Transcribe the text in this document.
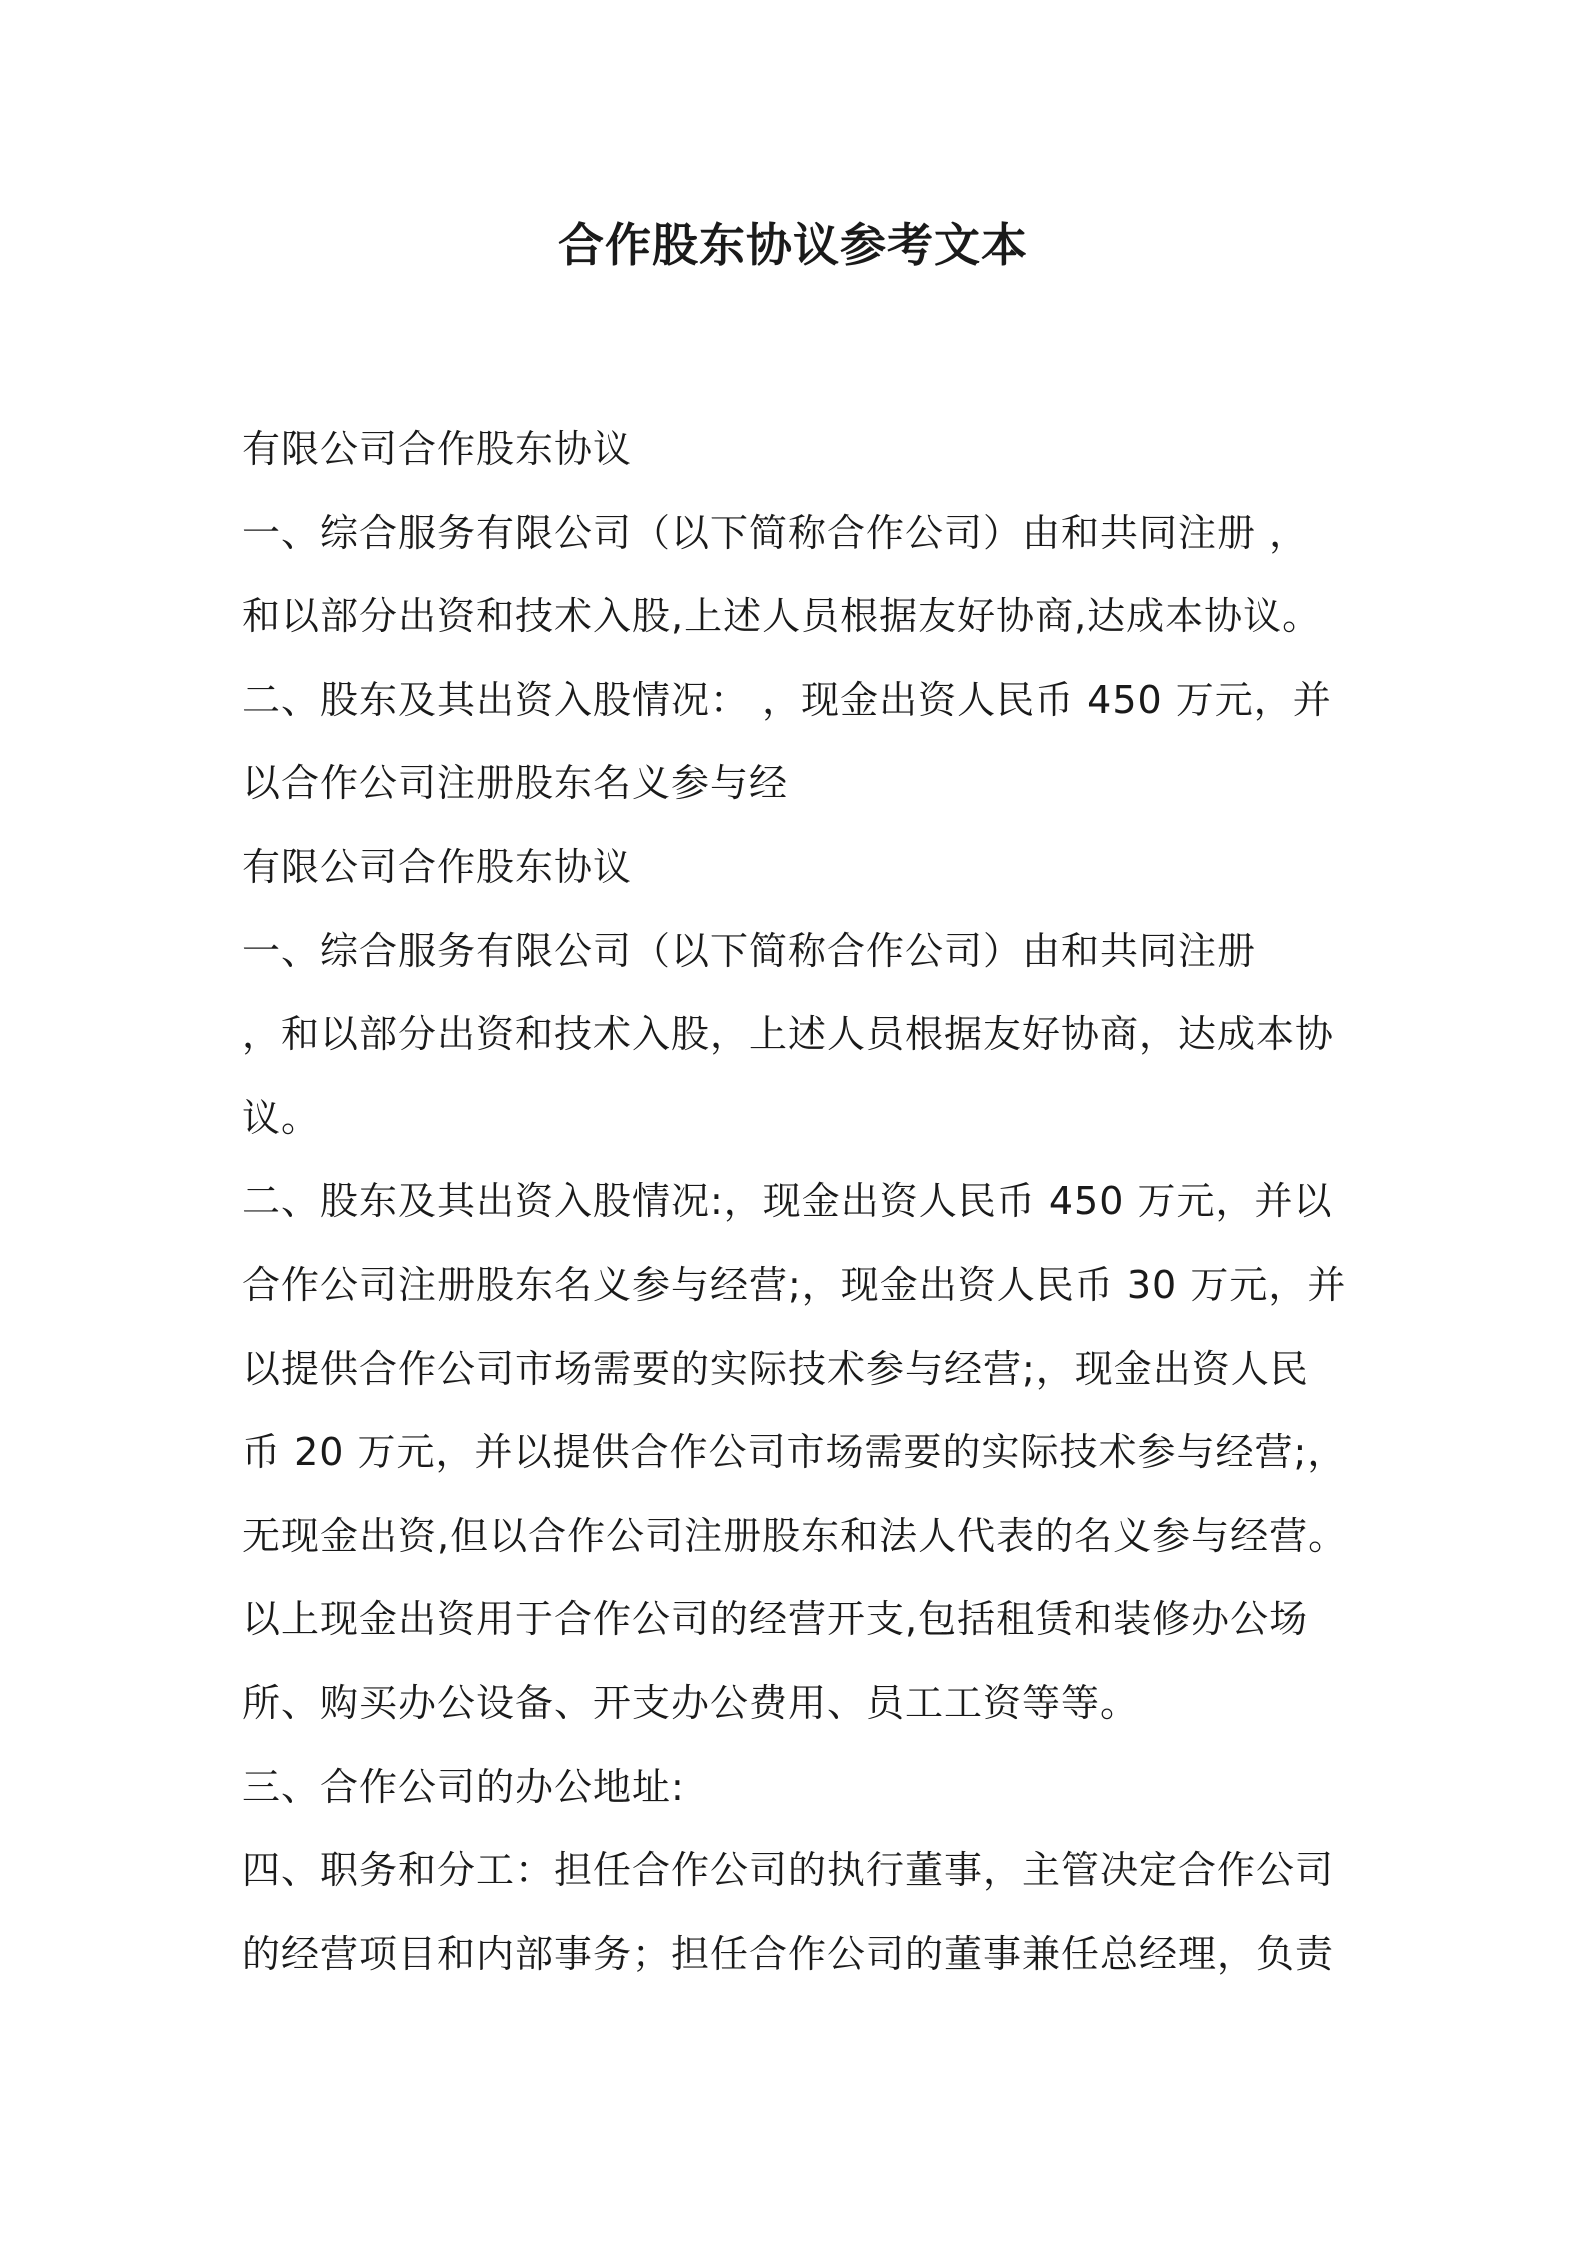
合作股东协议参考文本

有限公司合作股东协议

一、综合服务有限公司（以下简称合作公司）由和共同注册 ，

和以部分出资和技术入股,上述人员根据友好协商,达成本协议。

二、股东及其出资入股情况： ，现金出资人民币 450 万元，并

以合作公司注册股东名义参与经

有限公司合作股东协议

一、综合服务有限公司（以下简称合作公司）由和共同注册

，和以部分出资和技术入股，上述人员根据友好协商，达成本协

议。

二、股东及其出资入股情况:，现金出资人民币 450 万元，并以

合作公司注册股东名义参与经营;，现金出资人民币 30 万元，并

以提供合作公司市场需要的实际技术参与经营;，现金出资人民

币 20 万元，并以提供合作公司市场需要的实际技术参与经营;，

无现金出资,但以合作公司注册股东和法人代表的名义参与经营。

以上现金出资用于合作公司的经营开支,包括租赁和装修办公场

所、购买办公设备、开支办公费用、员工工资等等。

三、合作公司的办公地址:

四、职务和分工：担任合作公司的执行董事，主管决定合作公司

的经营项目和内部事务；担任合作公司的董事兼任总经理，负责
